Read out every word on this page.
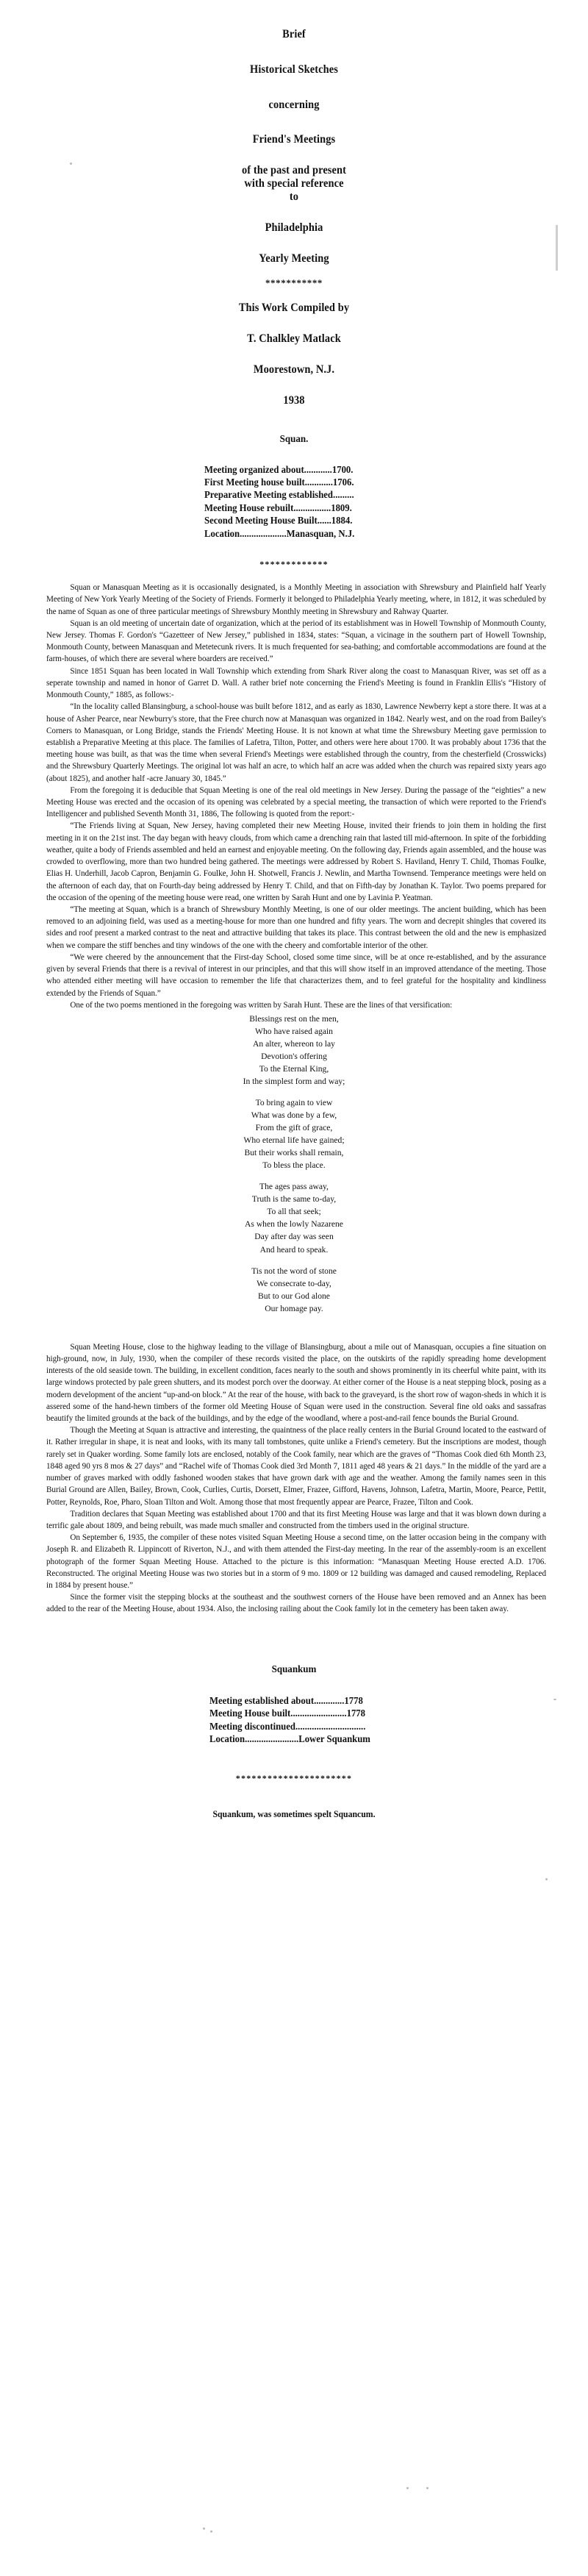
Brief
Historical Sketches
concerning
Friend's Meetings
of the past and present
with special reference
to
Philadelphia
Yearly Meeting
***********
This Work Compiled by
T. Chalkley Matlack
Moorestown, N.J.
1938
Squan.
Meeting organized about............1700.
First Meeting house built............1706.
Preparative Meeting established.........
Meeting House rebuilt................1809.
Second Meeting House Built......1884.
Location....................Manasquan, N.J.
*************

Squan or Manasquan Meeting as it is occasionally designated, is a Monthly Meeting in association with Shrewsbury and Plainfield half Yearly Meeting of New York Yearly Meeting of the Society of Friends. Formerly it belonged to Philadelphia Yearly meeting, where, in 1812, it was scheduled by the name of Squan as one of three particular meetings of Shrewsbury Monthly meeting in Shrewsbury and Rahway Quarter.

Squan is an old meeting of uncertain date of organization, which at the period of its establishment was in Howell Township of Monmouth County, New Jersey. Thomas F. Gordon's “Gazetteer of New Jersey,” published in 1834, states: “Squan, a vicinage in the southern part of Howell Township, Monmouth County, between Manasquan and Metetecunk rivers. It is much frequented for sea-bathing; and comfortable accommodations are found at the farm-houses, of which there are several where boarders are received.”

Since 1851 Squan has been located in Wall Township which extending from Shark River along the coast to Manasquan River, was set off as a seperate township and named in honor of Garret D. Wall. A rather brief note concerning the Friend's Meeting is found in Franklin Ellis's “History of Monmouth County,” 1885, as follows:-

“In the locality called Blansingburg, a school-house was built before 1812, and as early as 1830, Lawrence Newberry kept a store there. It was at a house of Asher Pearce, near Newburry's store, that the Free church now at Manasquan was organized in 1842. Nearly west, and on the road from Bailey's Corners to Manasquan, or Long Bridge, stands the Friends' Meeting House. It is not known at what time the Shrewsbury Meeting gave permission to establish a Preparative Meeting at this place. The families of Lafetra, Tilton, Potter, and others were here about 1700. It was probably about 1736 that the meeting house was built, as that was the time when several Friend's Meetings were established through the country, from the chesterfield (Crosswicks) and the Shrewsbury Quarterly Meetings. The original lot was half an acre, to which half an acre was added when the church was repaired sixty years ago (about 1825), and another half -acre January 30, 1845.”

From the foregoing it is deducible that Squan Meeting is one of the real old meetings in New Jersey. During the passage of the “eighties” a new Meeting House was erected and the occasion of its opening was celebrated by a special meeting, the transaction of which were reported to the Friend's Intelligencer and published Seventh Month 31, 1886, The following is quoted from the report:-

“The Friends living at Squan, New Jersey, having completed their new Meeting House, invited their friends to join them in holding the first meeting in it on the 21st inst. The day began with heavy clouds, from which came a drenching rain that lasted till mid-afternoon. In spite of the forbidding weather, quite a body of Friends assembled and held an earnest and enjoyable meeting. On the following day, Friends again assembled, and the house was crowded to overflowing, more than two hundred being gathered. The meetings were addressed by Robert S. Haviland, Henry T. Child, Thomas Foulke, Elias H. Underhill, Jacob Capron, Benjamin G. Foulke, John H. Shotwell, Francis J. Newlin, and Martha Townsend. Temperance meetings were held on the afternoon of each day, that on Fourth-day being addressed by Henry T. Child, and that on Fifth-day by Jonathan K. Taylor. Two poems prepared for the occasion of the opening of the meeting house were read, one written by Sarah Hunt and one by Lavinia P. Yeatman.

“The meeting at Squan, which is a branch of Shrewsbury Monthly Meeting, is one of our older meetings. The ancient building, which has been removed to an adjoining field, was used as a meeting-house for more than one hundred and fifty years. The worn and decrepit shingles that covered its sides and roof present a marked contrast to the neat and attractive building that takes its place. This contrast between the old and the new is emphasized when we compare the stiff benches and tiny windows of the one with the cheery and comfortable interior of the other.

“We were cheered by the announcement that the First-day School, closed some time since, will be at once re-established, and by the assurance given by several Friends that there is a revival of interest in our principles, and that this will show itself in an improved attendance of the meeting. Those who attended either meeting will have occasion to remember the life that characterizes them, and to feel grateful for the hospitality and kindliness extended by the Friends of Squan.”

One of the two poems mentioned in the foregoing was written by Sarah Hunt. These are the lines of that versification:

Blessings rest on the men,
Who have raised again
An alter, whereon to lay
Devotion's offering
To the Eternal King,
In the simplest form and way;
To bring again to view
What was done by a few,
From the gift of grace,
Who eternal life have gained;
But their works shall remain,
To bless the place.
The ages pass away,
Truth is the same to-day,
To all that seek;
As when the lowly Nazarene
Day after day was seen
And heard to speak.
Tis not the word of stone
We consecrate to-day,
But to our God alone
Our homage pay.

Squan Meeting House, close to the highway leading to the village of Blansingburg, about a mile out of Manasquan, occupies a fine situation on high-ground, now, in July, 1930, when the compiler of these records visited the place, on the outskirts of the rapidly spreading home development interests of the old seaside town. The building, in excellent condition, faces nearly to the south and shows prominently in its cheerful white paint, with its large windows protected by pale green shutters, and its modest porch over the doorway. At either corner of the House is a neat stepping block, posing as a modern development of the ancient “up-and-on block.” At the rear of the house, with back to the graveyard, is the short row of wagon-sheds in which it is assered some of the hand-hewn timbers of the former old Meeting House of Squan were used in the construction. Several fine old oaks and sassafras beautify the limited grounds at the back of the buildings, and by the edge of the woodland, where a post-and-rail fence bounds the Burial Ground.

Though the Meeting at Squan is attractive and interesting, the quaintness of the place really centers in the Burial Ground located to the eastward of it. Rather irregular in shape, it is neat and looks, with its many tall tombstones, quite unlike a Friend's cemetery. But the inscriptions are modest, though rarely set in Quaker wording. Some family lots are enclosed, notably of the Cook family, near which are the graves of “Thomas Cook died 6th Month 23, 1848 aged 90 yrs 8 mos & 27 days” and “Rachel wife of Thomas Cook died 3rd Month 7, 1811 aged 48 years & 21 days.” In the middle of the yard are a number of graves marked with oddly fashoned wooden stakes that have grown dark with age and the weather. Among the family names seen in this Burial Ground are Allen, Bailey, Brown, Cook, Curlies, Curtis, Dorsett, Elmer, Frazee, Gifford, Havens, Johnson, Lafetra, Martin, Moore, Pearce, Pettit, Potter, Reynolds, Roe, Pharo, Sloan Tilton and Wolt. Among those that most frequently appear are Pearce, Frazee, Tilton and Cook.

Tradition declares that Squan Meeting was established about 1700 and that its first Meeting House was large and that it was blown down during a terrific gale about 1809, and being rebuilt, was made much smaller and constructed from the timbers used in the original structure.

On September 6, 1935, the compiler of these notes visited Squan Meeting House a second time, on the latter occasion being in the company with Joseph R. and Elizabeth R. Lippincott of Riverton, N.J., and with them attended the First-day meeting. In the rear of the assembly-room is an excellent photograph of the former Squan Meeting House. Attached to the picture is this information: “Manasquan Meeting House erected A.D. 1706. Reconstructed. The original Meeting House was two stories but in a storm of 9 mo. 1809 or 12 building was damaged and caused remodeling, Replaced in 1884 by present house.”

Since the former visit the stepping blocks at the southeast and the southwest corners of the House have been removed and an Annex has been added to the rear of the Meeting House, about 1934. Also, the inclosing railing about the Cook family lot in the cemetery has been taken away.

Squankum
Meeting established about.............1778
Meeting House built........................1778
Meeting discontinued..............................
Location.......................Lower Squankum
**********************
Squankum, was sometimes spelt Squancum.
